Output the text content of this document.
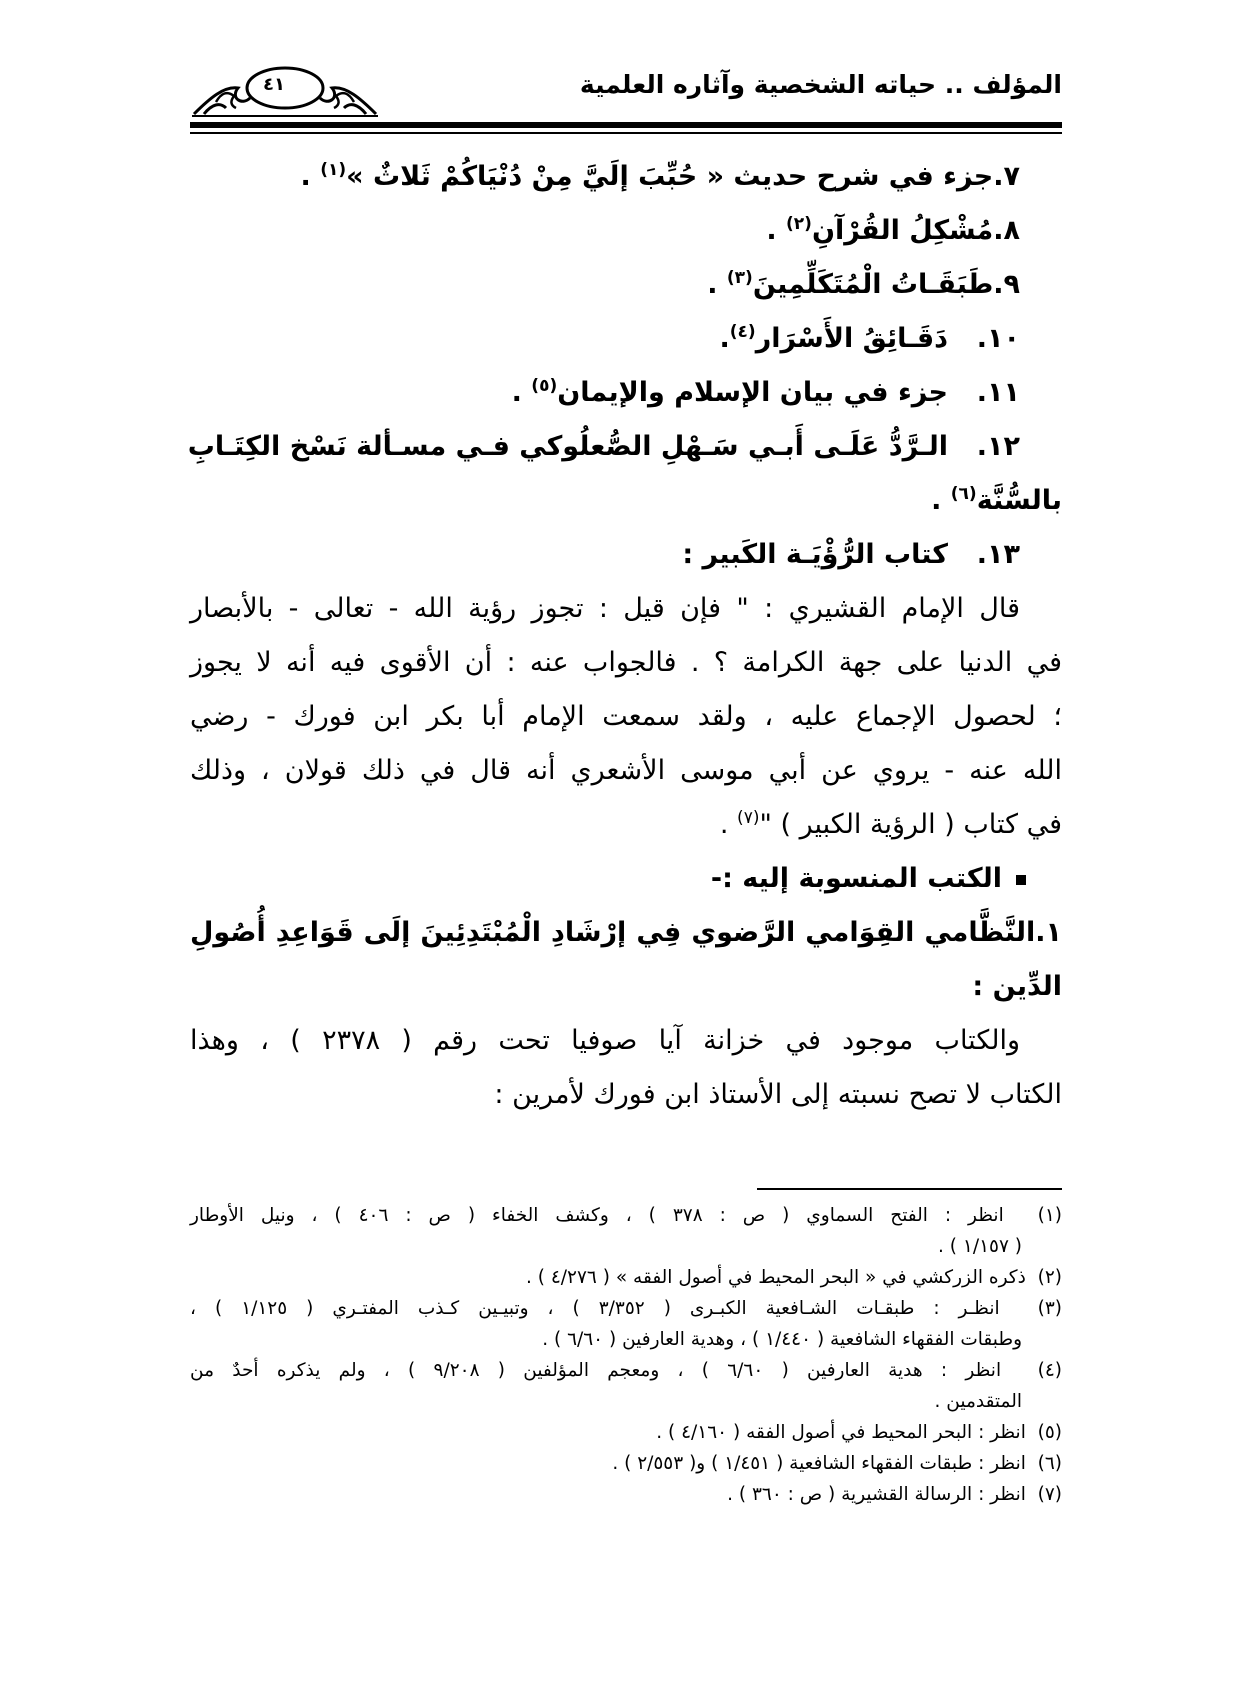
المؤلف .. حياته الشخصية وآثاره العلمية
٤١
٧.جزء في شرح حديث « حُبِّبَ إلَيَّ مِنْ دُنْيَاكُمْ ثَلاثٌ »$^{(١)}$ .
٨.مُشْكِلُ القُرْآنِ$^{(٢)}$ .
٩.طَبَقَـاتُ الْمُتَكَلِّمِينَ$^{(٣)}$ .
١٠.دَقَـائِقُ الأَسْرَار$^{(٤)}$.
١١.جزء في بيان الإسلام والإيمان$^{(٥)}$ .
١٢.الـرَّدُّ عَلَـى أَبـي سَـهْلِ الصُّعلُوكي فـي مسـألة نَسْخ الكِتَـابِ
بالسُّنَّة$^{(٦)}$ .
١٣.كتاب الرُّؤْيَـة الكَبير :
قال الإمام القشيري : " فإن قيل : تجوز رؤية الله - تعالى - بالأبصار
في الدنيا على جهة الكرامة ؟ . فالجواب عنه : أن الأقوى فيه أنه لا يجوز
؛ لحصول الإجماع عليه ، ولقد سمعت الإمام أبا بكر ابن فورك - رضي
الله عنه - يروي عن أبي موسى الأشعري أنه قال في ذلك قولان ، وذلك
في كتاب ( الرؤية الكبير ) "$^{(٧)}$ .
الكتب المنسوبة إليه :-
١.النَّظَّامي القِوَامي الرَّضوي فِي إرْشَادِ الْمُبْتَدِئِينَ إلَى قَوَاعِدِ أُصُولِ
الدِّين :
والكتاب موجود في خزانة آيا صوفيا تحت رقم ( ٢٣٧٨ ) ، وهذا
الكتاب لا تصح نسبته إلى الأستاذ ابن فورك لأمرين :
(١)  انظر : الفتح السماوي ( ص : ٣٧٨ ) ، وكشف الخفاء ( ص : ٤٠٦ ) ، ونيل الأوطار
( ١/١٥٧ ) .
(٢)  ذكره الزركشي في « البحر المحيط في أصول الفقه » ( ٤/٢٧٦ ) .
(٣)  انظـر : طبقـات الشـافعية الكبـرى ( ٣/٣٥٢ ) ، وتبيـين كـذب المفتـري ( ١/١٢٥ ) ،
وطبقات الفقهاء الشافعية ( ١/٤٤٠ ) ، وهدية العارفين ( ٦/٦٠ ) .
(٤)  انظر : هدية العارفين ( ٦/٦٠ ) ، ومعجم المؤلفين ( ٩/٢٠٨ ) ، ولم يذكره أحدٌ من
المتقدمين .
(٥)  انظر : البحر المحيط في أصول الفقه ( ٤/١٦٠ ) .
(٦)  انظر : طبقات الفقهاء الشافعية ( ١/٤٥١ ) و( ٢/٥٥٣ ) .
(٧)  انظر : الرسالة القشيرية ( ص : ٣٦٠ ) .
